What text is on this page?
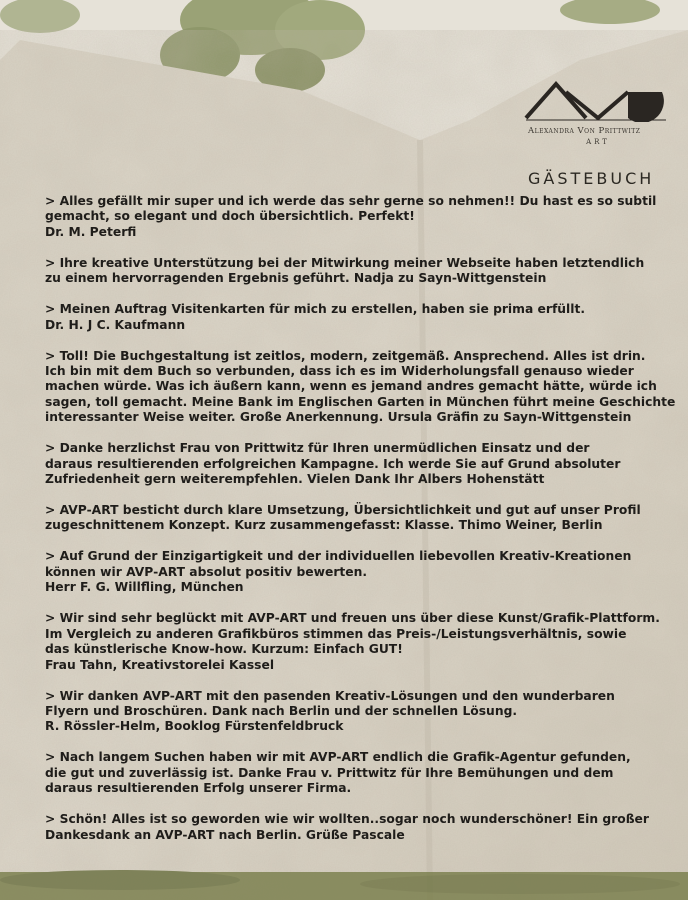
Alexandra Von Prittwitz
ART
GÄSTEBUCH
> Alles gefällt mir super und ich werde das sehr gerne so nehmen!! Du hast es so subtil
gemacht, so elegant und doch übersichtlich. Perfekt!
Dr. M. Peterfi
> Ihre kreative Unterstützung bei der Mitwirkung meiner Webseite haben letztendlich
zu einem hervorragenden Ergebnis geführt. Nadja zu Sayn-Wittgenstein
> Meinen Auftrag Visitenkarten für mich zu erstellen, haben sie prima erfüllt.
Dr. H. J C. Kaufmann
> Toll! Die Buchgestaltung ist zeitlos, modern, zeitgemäß. Ansprechend. Alles ist drin.
Ich bin mit dem Buch so verbunden, dass ich es im Widerholungsfall genauso wieder
machen würde. Was ich äußern kann, wenn es jemand andres gemacht hätte, würde ich
sagen, toll gemacht. Meine Bank im Englischen Garten in München führt meine Geschichte
interessanter Weise weiter. Große Anerkennung. Ursula Gräfin zu Sayn-Wittgenstein
> Danke herzlichst Frau von Prittwitz für Ihren unermüdlichen Einsatz und der
daraus resultierenden erfolgreichen Kampagne. Ich werde Sie auf Grund absoluter
Zufriedenheit gern weiterempfehlen. Vielen Dank Ihr Albers Hohenstätt
> AVP-ART besticht durch klare Umsetzung, Übersichtlichkeit und gut auf unser Profil
zugeschnittenem Konzept. Kurz zusammengefasst: Klasse. Thimo Weiner, Berlin
> Auf Grund der Einzigartigkeit und der individuellen liebevollen Kreativ-Kreationen
können wir AVP-ART absolut positiv bewerten.
Herr F. G. Willfling, München
> Wir sind sehr beglückt mit AVP-ART und freuen uns über diese Kunst/Grafik-Plattform.
Im Vergleich zu anderen Grafikbüros stimmen das Preis-/Leistungsverhältnis, sowie
das künstlerische Know-how. Kurzum: Einfach GUT!
Frau Tahn, Kreativstorelei Kassel
> Wir danken AVP-ART mit den pasenden Kreativ-Lösungen und den wunderbaren
Flyern und Broschüren. Dank nach Berlin und der schnellen Lösung.
R. Rössler-Helm, Booklog Fürstenfeldbruck
> Nach langem Suchen haben wir mit AVP-ART endlich die Grafik-Agentur gefunden,
die gut und zuverlässig ist. Danke Frau v. Prittwitz für Ihre Bemühungen und dem
daraus resultierenden Erfolg unserer Firma.
> Schön! Alles ist so geworden wie wir wollten..sogar noch wunderschöner! Ein großer
Dankesdank an AVP-ART nach Berlin. Grüße Pascale
